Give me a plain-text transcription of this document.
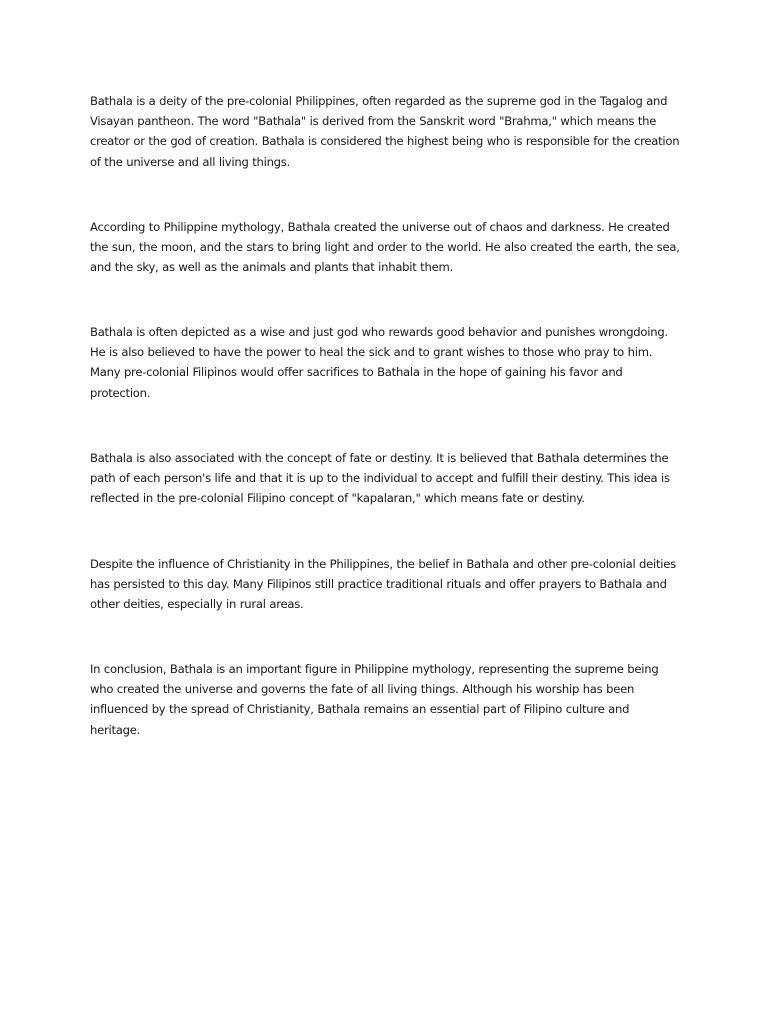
Bathala is a deity of the pre-colonial Philippines, often regarded as the supreme god in the Tagalog and Visayan pantheon. The word "Bathala" is derived from the Sanskrit word "Brahma," which means the creator or the god of creation. Bathala is considered the highest being who is responsible for the creation of the universe and all living things.

According to Philippine mythology, Bathala created the universe out of chaos and darkness. He created the sun, the moon, and the stars to bring light and order to the world. He also created the earth, the sea, and the sky, as well as the animals and plants that inhabit them.

Bathala is often depicted as a wise and just god who rewards good behavior and punishes wrongdoing. He is also believed to have the power to heal the sick and to grant wishes to those who pray to him. Many pre-colonial Filipinos would offer sacrifices to Bathala in the hope of gaining his favor and protection.

Bathala is also associated with the concept of fate or destiny. It is believed that Bathala determines the path of each person's life and that it is up to the individual to accept and fulfill their destiny. This idea is reflected in the pre-colonial Filipino concept of "kapalaran," which means fate or destiny.

Despite the influence of Christianity in the Philippines, the belief in Bathala and other pre-colonial deities has persisted to this day. Many Filipinos still practice traditional rituals and offer prayers to Bathala and other deities, especially in rural areas.

In conclusion, Bathala is an important figure in Philippine mythology, representing the supreme being who created the universe and governs the fate of all living things. Although his worship has been influenced by the spread of Christianity, Bathala remains an essential part of Filipino culture and heritage.
